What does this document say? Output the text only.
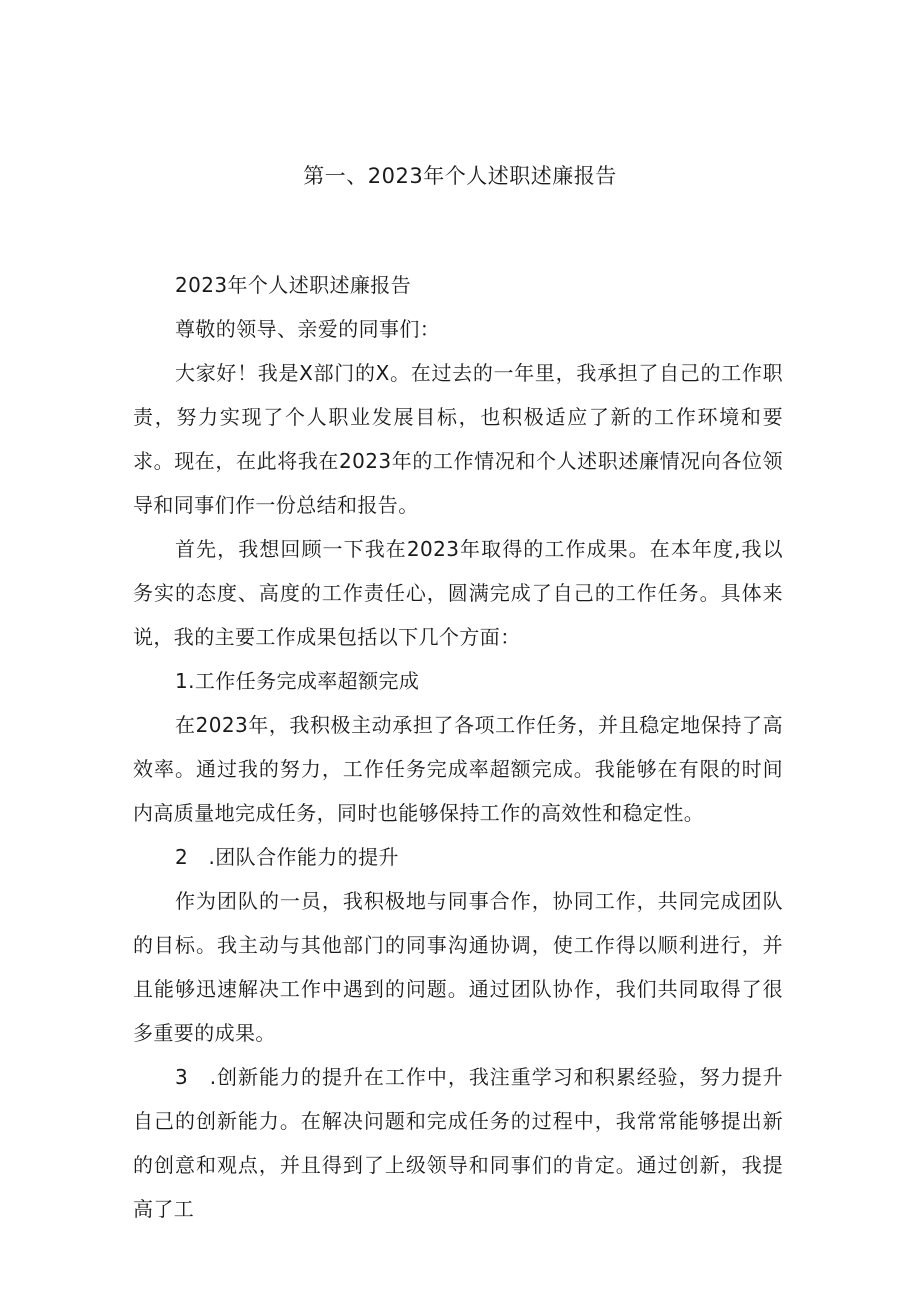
第一、2023年个人述职述廉报告

2023年个人述职述廉报告

尊敬的领导、亲爱的同事们：

大家好！我是X部门的X。在过去的一年里，我承担了自己的工作职责，努力实现了个人职业发展目标，也积极适应了新的工作环境和要求。现在，在此将我在2023年的工作情况和个人述职述廉情况向各位领导和同事们作一份总结和报告。

首先，我想回顾一下我在2023年取得的工作成果。在本年度,我以务实的态度、高度的工作责任心，圆满完成了自己的工作任务。具体来说，我的主要工作成果包括以下几个方面：

1.工作任务完成率超额完成

在2023年，我积极主动承担了各项工作任务，并且稳定地保持了高效率。通过我的努力，工作任务完成率超额完成。我能够在有限的时间内高质量地完成任务，同时也能够保持工作的高效性和稳定性。

2　.团队合作能力的提升

作为团队的一员，我积极地与同事合作，协同工作，共同完成团队的目标。我主动与其他部门的同事沟通协调，使工作得以顺利进行，并且能够迅速解决工作中遇到的问题。通过团队协作，我们共同取得了很多重要的成果。

3　.创新能力的提升在工作中，我注重学习和积累经验，努力提升自己的创新能力。在解决问题和完成任务的过程中，我常常能够提出新的创意和观点，并且得到了上级领导和同事们的肯定。通过创新，我提高了工
